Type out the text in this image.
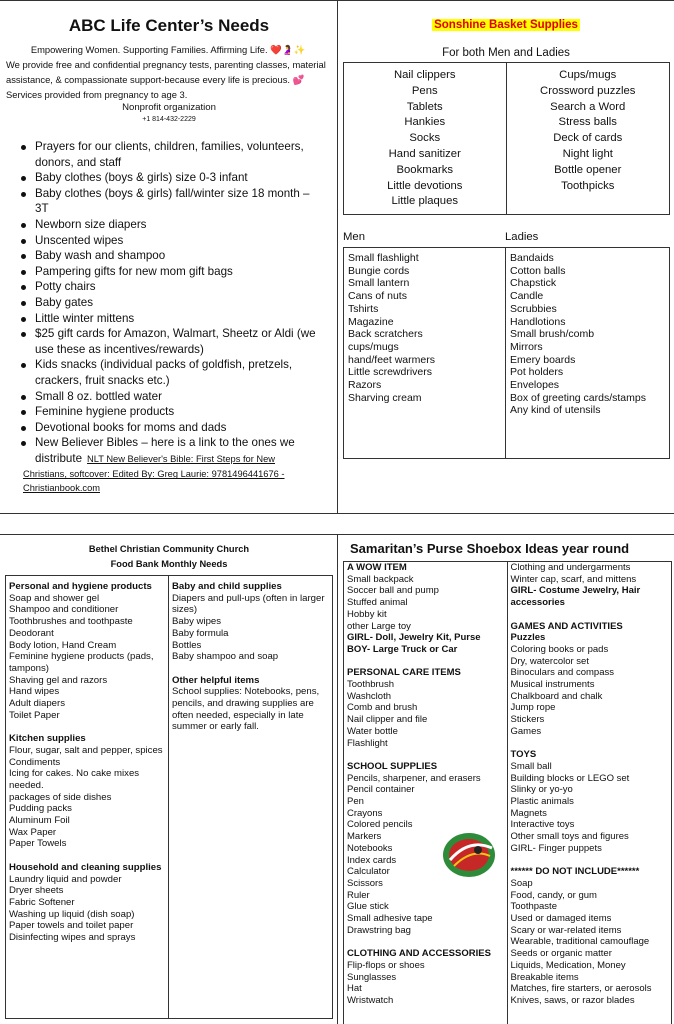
ABC Life Center’s Needs
Empowering Women. Supporting Families. Affirming Life. ❤️🤰✨
We provide free and confidential pregnancy tests, parenting classes, material assistance, & compassionate support-because every life is precious. 💕 Services provided from pregnancy to age 3.
Nonprofit organization
+1 814-432-2229
Prayers for our clients, children, families, volunteers, donors, and staff
Baby clothes (boys & girls) size 0-3 infant
Baby clothes (boys & girls) fall/winter size 18 month – 3T
Newborn size diapers
Unscented wipes
Baby wash and shampoo
Pampering gifts for new mom gift bags
Potty chairs
Baby gates
Little winter mittens
$25 gift cards for Amazon, Walmart, Sheetz or Aldi (we use these as incentives/rewards)
Kids snacks (individual packs of goldfish, pretzels, crackers, fruit snacks etc.)
Small 8 oz. bottled water
Feminine hygiene products
Devotional books for moms and dads
New Believer Bibles – here is a link to the ones we distribute NLT New Believer's Bible: First Steps for New
Christians, softcover: Edited By: Greg Laurie: 9781496441676 -
Christianbook.com
Sonshine Basket Supplies
For both Men and Ladies
Nail clippers
Pens
Tablets
Hankies
Socks
Hand sanitizer
Bookmarks
Little devotions
Little plaques
Cups/mugs
Crossword puzzles
Search a Word
Stress balls
Deck of cards
Night light
Bottle opener
Toothpicks
Men	Ladies
Small flashlight
Bungie cords
Small lantern
Cans of nuts
Tshirts
Magazine
Back scratchers
cups/mugs
hand/feet warmers
Little screwdrivers
Razors
Sharving cream
Bandaids
Cotton balls
Chapstick
Candle
Scrubbies
Handlotions
Small brush/comb
Mirrors
Emery boards
Pot holders
Envelopes
Box of greeting cards/stamps
Any kind of utensils
Bethel Christian Community Church
Food Bank Monthly Needs
Personal and hygiene products
Soap and shower gel
Shampoo and conditioner
Toothbrushes and toothpaste
Deodorant
Body lotion, Hand Cream
Feminine hygiene products (pads, tampons)
Shaving gel and razors
Hand wipes
Adult diapers
Toilet Paper
Kitchen supplies
Flour, sugar, salt and pepper, spices
Condiments
Icing for cakes. No cake mixes needed.
packages of side dishes
Pudding packs
Aluminum Foil
Wax Paper
Paper Towels
Household and cleaning supplies
Laundry liquid and powder
Dryer sheets
Fabric Softener
Washing up liquid (dish soap)
Paper towels and toilet paper
Disinfecting wipes and sprays
Baby and child supplies
Diapers and pull-ups (often in larger sizes)
Baby wipes
Baby formula
Bottles
Baby shampoo and soap
Other helpful items
School supplies: Notebooks, pens, pencils, and drawing supplies are often needed, especially in late summer or early fall.
Samaritan’s Purse Shoebox Ideas year round
A WOW ITEM
Small backpack
Soccer ball and pump
Stuffed animal
Hobby kit
other Large toy
GIRL- Doll, Jewelry Kit, Purse
BOY- Large Truck or Car
PERSONAL CARE ITEMS
Toothbrush
Washcloth
Comb and brush
Nail clipper and file
Water bottle
Flashlight
SCHOOL SUPPLIES
Pencils, sharpener, and erasers
Pencil container
Pen
Crayons
Colored pencils
Markers
Notebooks
Index cards
Calculator
Scissors
Ruler
Glue stick
Small adhesive tape
Drawstring bag
CLOTHING AND ACCESSORIES
Flip-flops or shoes
Sunglasses
Hat
Wristwatch
Clothing and undergarments
Winter cap, scarf, and mittens
GIRL- Costume Jewelry, Hair accessories
GAMES AND ACTIVITIES
Puzzles
Coloring books or pads
Dry, watercolor set
Binoculars and compass
Musical instruments
Chalkboard and chalk
Jump rope
Stickers
Games
TOYS
Small ball
Building blocks or LEGO set
Slinky or yo-yo
Plastic animals
Magnets
Interactive toys
Other small toys and figures
GIRL- Finger puppets
****** DO NOT INCLUDE******
Soap
Food, candy, or gum
Toothpaste
Used or damaged items
Scary or war-related items
Wearable, traditional camouflage
Seeds or organic matter
Liquids, Medication, Money
Breakable items
Matches, fire starters, or aerosols
Knives, saws, or razor blades
